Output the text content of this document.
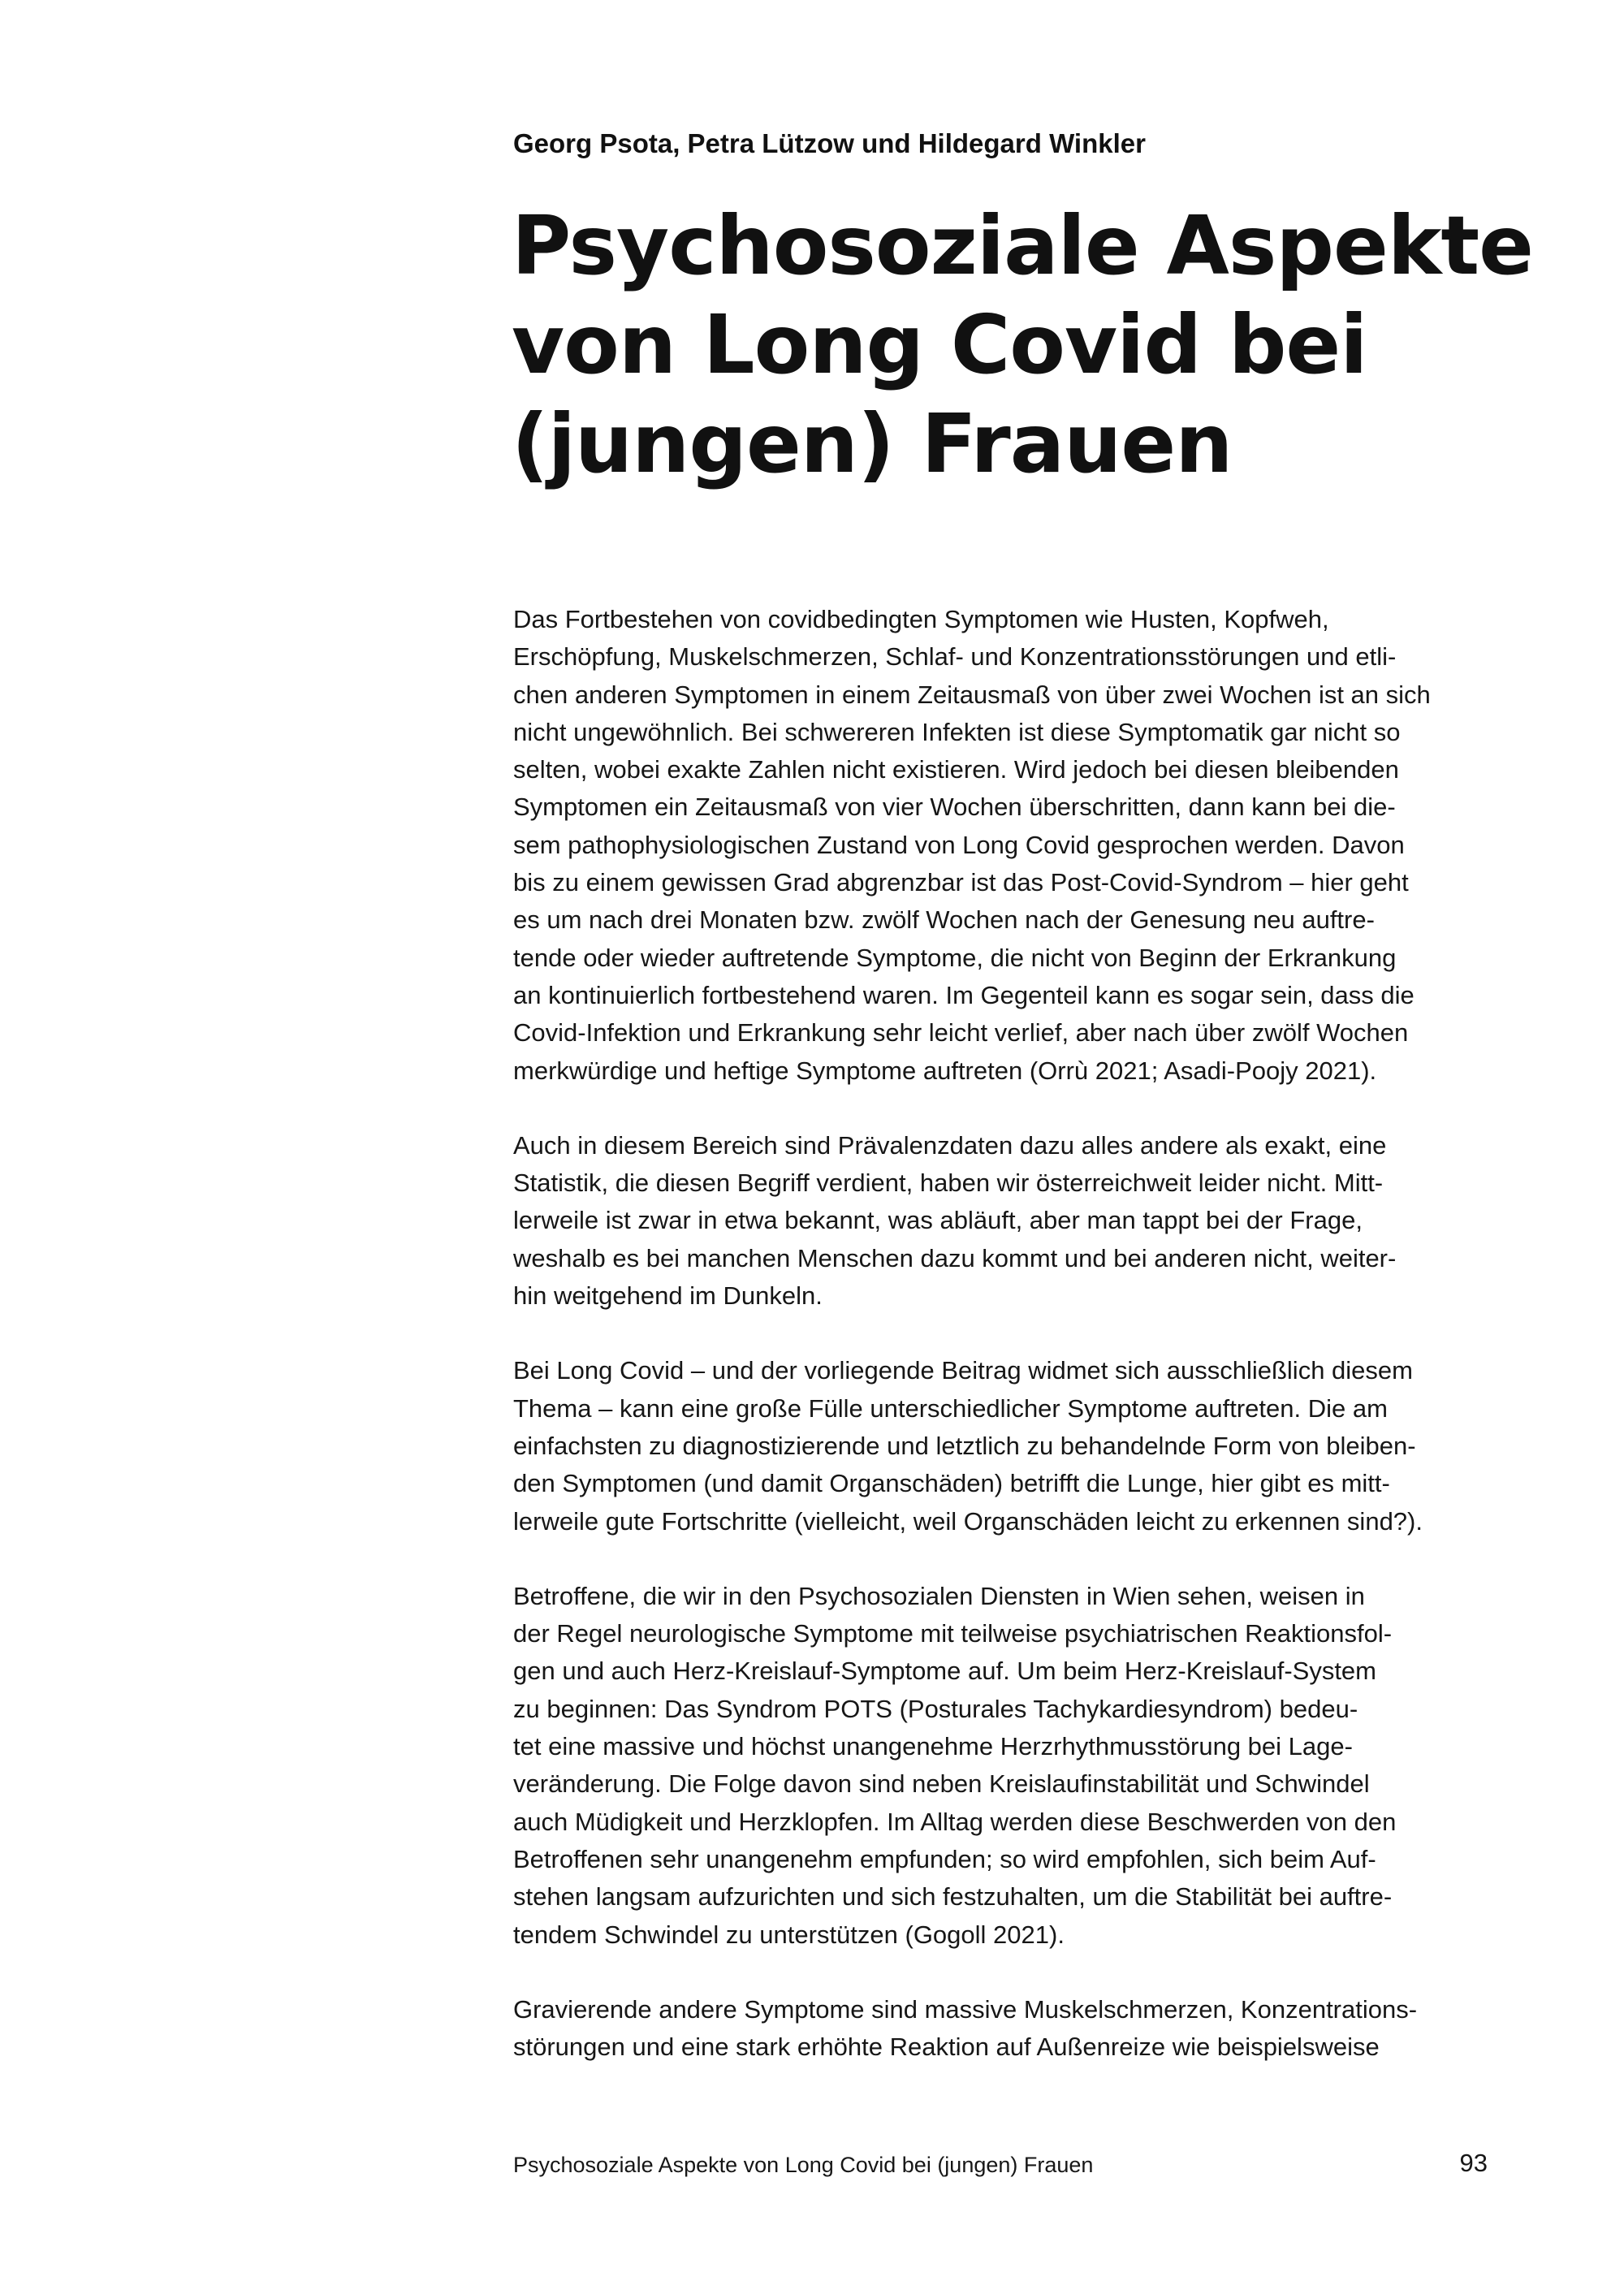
Georg Psota, Petra Lützow und Hildegard Winkler
Psychosoziale Aspekte
von Long Covid bei
(jungen) Frauen

Das Fortbestehen von covidbedingten Symptomen wie Husten, Kopfweh,
Erschöpfung, Muskelschmerzen, Schlaf- und Konzentrationsstörungen und etli-
chen anderen Symptomen in einem Zeitausmaß von über zwei Wochen ist an sich
nicht ungewöhnlich. Bei schwereren Infekten ist diese Symptomatik gar nicht so
selten, wobei exakte Zahlen nicht existieren. Wird jedoch bei diesen bleibenden
Symptomen ein Zeitausmaß von vier Wochen überschritten, dann kann bei die-
sem pathophysiologischen Zustand von Long Covid gesprochen werden. Davon
bis zu einem gewissen Grad abgrenzbar ist das Post-Covid-Syndrom – hier geht
es um nach drei Monaten bzw. zwölf Wochen nach der Genesung neu auftre-
tende oder wieder auftretende Symptome, die nicht von Beginn der Erkrankung
an kontinuierlich fortbestehend waren. Im Gegenteil kann es sogar sein, dass die
Covid-Infektion und Erkrankung sehr leicht verlief, aber nach über zwölf Wochen
merkwürdige und heftige Symptome auftreten (Orrù 2021; Asadi-Poojy 2021).

Auch in diesem Bereich sind Prävalenzdaten dazu alles andere als exakt, eine
Statistik, die diesen Begriff verdient, haben wir österreichweit leider nicht. Mitt-
lerweile ist zwar in etwa bekannt, was abläuft, aber man tappt bei der Frage,
weshalb es bei manchen Menschen dazu kommt und bei anderen nicht, weiter-
hin weitgehend im Dunkeln.

Bei Long Covid – und der vorliegende Beitrag widmet sich ausschließlich diesem
Thema – kann eine große Fülle unterschiedlicher Symptome auftreten. Die am
einfachsten zu diagnostizierende und letztlich zu behandelnde Form von bleiben-
den Symptomen (und damit Organschäden) betrifft die Lunge, hier gibt es mitt-
lerweile gute Fortschritte (vielleicht, weil Organschäden leicht zu erkennen sind?).

Betroffene, die wir in den Psychosozialen Diensten in Wien sehen, weisen in
der Regel neurologische Symptome mit teilweise psychiatrischen Reaktionsfol-
gen und auch Herz-Kreislauf-Symptome auf. Um beim Herz-Kreislauf-System
zu beginnen: Das Syndrom POTS (Posturales Tachykardiesyndrom) bedeu-
tet eine massive und höchst unangenehme Herzrhythmusstörung bei Lage-
veränderung. Die Folge davon sind neben Kreislaufinstabilität und Schwindel
auch Müdigkeit und Herzklopfen. Im Alltag werden diese Beschwerden von den
Betroffenen sehr unangenehm empfunden; so wird empfohlen, sich beim Auf-
stehen langsam aufzurichten und sich festzuhalten, um die Stabilität bei auftre-
tendem Schwindel zu unterstützen (Gogoll 2021).

Gravierende andere Symptome sind massive Muskelschmerzen, Konzentrations-
störungen und eine stark erhöhte Reaktion auf Außenreize wie beispielsweise

Psychosoziale Aspekte von Long Covid bei (jungen) Frauen	93
